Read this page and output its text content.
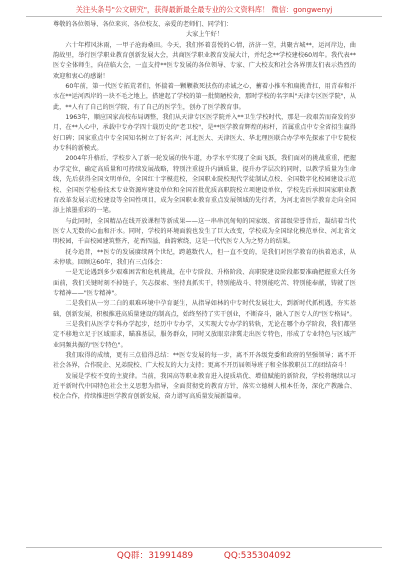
关注头条号"公文研究"，获得最新最全最专业的公文资料库！ 微信：gongwenyj

尊敬的各位领导、各位来宾、各位校友、亲爱的老师们、同学们：

大家上午好！

六十年栉风沐雨，一甲子沧海桑田。今天，我们怀着喜悦的心情，济济一堂，共聚古城**，运河岸边，曲韵故里，举行医学职业教育创新发展大会，共商医学职业教育发展大计，并纪念**学校建校60周年。我代表**医专全体师生，向莅临大会，一直支持**医专发展的各位领导、专家、广大校友和社会各界朋友们表示热烈的欢迎和衷心的感谢！

60年前，第一代医专拓荒者们，怀揣着一颗颗救死扶伤的赤诚之心，蓄着小推车和扁挑背扛，用青春和汗水在**运河西岸的一块不毛之地上，搭建起了学校的第一批简陋校舍，那时学校的名字叫"天津专区医学院"，从此，**人有了自己的医学院，有了自己的医学生，创办了医学教育事。

1963年，顺应国家高校布局调整，我们从天津专区医学院并入**卫生学校时代，那是一段艰苦而奋发的岁月，在**人心中，承载中专办学四十载历史的"老卫校"，是**医学教育辉煌的标杆，首属重点中专全省招生赢得好口碑；国家重点中专全国知名树立了好名声；河北医大、天津医大、华北理医联合办学率先探索了中专院校办专科的新模式。

2004年升格后，学校步入了新一轮发展的快车道，办学水平实现了全面飞跃，我们面对的挑战重重，把握办学定位，确定高质量和可持续发展战略，特别注重提升内涵质量，提升办学层次的同时，以教学质量为生命线，先后获得全国文明单位，全国红十字模范校，全国职业院校现代学徒制试点校、全国数字化校园建设示范校、全国医学检验技术专业资源库建设单位和全国首批优质高职院校立项建设单位，学校先后承担国家职业教育改革发展示范校建设等全国性项目，成为全国职业教育重点发展领域的先行者，为河北省医学教育走向全国添上浓墨重彩的一笔。

与此同时，全国精品在线开放课程等新成果——这一串串沉甸甸的国家级、省部级荣誉背后，凝结着当代医专人无数的心血和汗水。同时，学校的环境面貌也发生了巨大改变，学校成为全国绿化模范单位、河北省文明校园，千亩校园建筑整齐，花香四溢，曲韵萦绕，这是一代代医专人为之努力的结果。

抚今追昔，**医专的发展赓续两个世纪，跨越数代人，但一直不变的，是我们对医学教育的执着追求，从未停歇。回顾这60年，我们有三点体会：

一是无论遇到多少艰难困苦和危机挑战，在中专阶段、升格阶段、高职院建设阶段都要准确把握重大任务面前，我们关键时刻不掉链子，矢志探索、坚持真抓实干，特别能战斗、特别能吃苦、特别能奉献，铸就了医专精神——"医专精神"。

二是我们从一穷二白的艰难环境中孕育诞生，从指导如林的中专时代发展壮大，到新时代抓机遇，夯实基础，创新发展，积极推进高质量建设的制高点，始终坚持了实干创业，不断奋斗，融入了医专人的"医专格局"。

三是我们从医学专科办学起步，经历中专办学，又实现大专办学的转轨，无论在哪个办学阶段，我们都坚定不移地立足于区域需求，瞄准基层，服务群众，同时又放眼京津冀走出医专特色，形成了专业特色与区域产业同频共振的"医专特色"。

我们取得的成绩，更有三点值得总结：**医专发展的每一步，离不开各级党委和政府的坚强领导；离不开社会各界，合作院企、兄弟院校、广大校友的大力支持；更离不开历届领导班子和全体教职员工的团结奋斗！

发展是学校不变的主旋律。当前，我国高等职业教育进入提质培优、增值赋能的新阶段，学校将继续以习近平新时代中国特色社会主义思想为指导，全面贯彻党的教育方针，落实立德树人根本任务，深化产教融合、校企合作，持续推进医学教育创新发展，奋力谱写高质量发展新篇章。

QQ群：31991489	QQ:535304092
